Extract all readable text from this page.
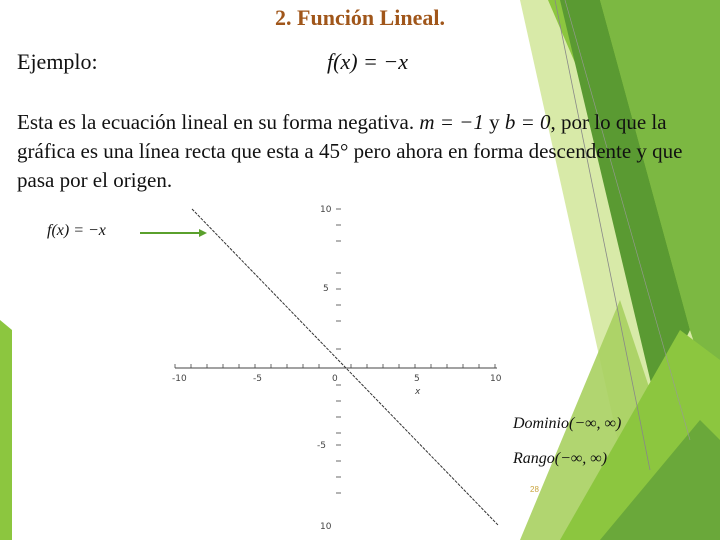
2. Función Lineal.
Ejemplo:	f(x) = −x
Esta es la ecuación lineal en su forma negativa. m = −1 y b = 0, por lo que la gráfica es una línea recta que esta a 45° pero ahora en forma descendente y que pasa por el origen.
f(x) = −x
-10	-5	0	5	10
x
10
5
-5
10
Dominio(−∞, ∞)
Rango(−∞, ∞)
28
